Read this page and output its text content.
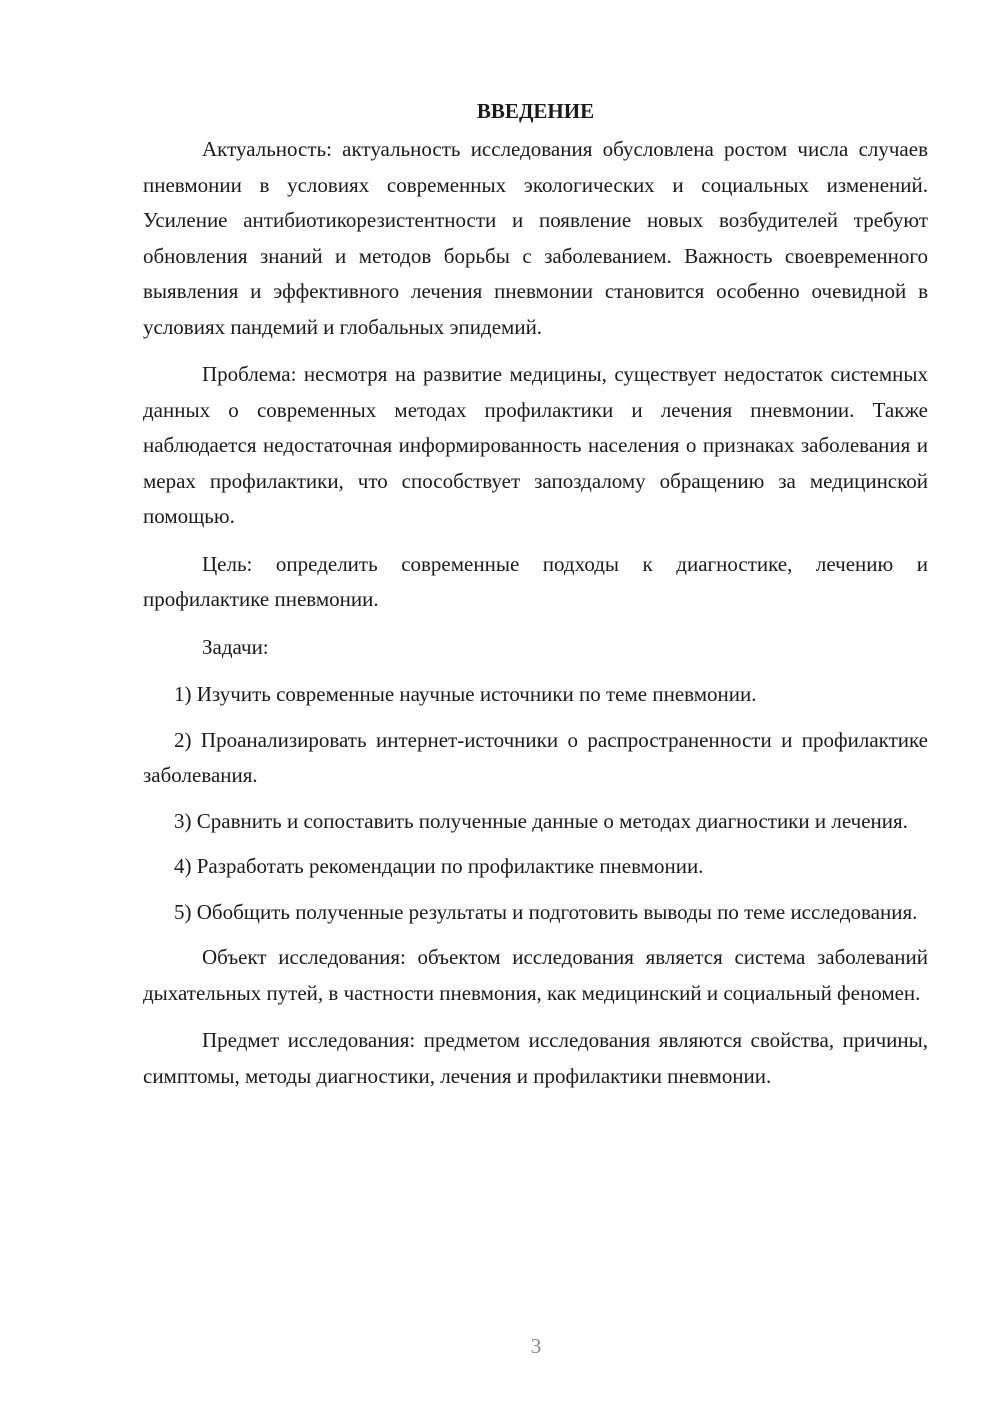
ВВЕДЕНИЕ

Актуальность: актуальность исследования обусловлена ростом числа случаев пневмонии в условиях современных экологических и социальных изменений. Усиление антибиотикорезистентности и появление новых возбудителей требуют обновления знаний и методов борьбы с заболеванием. Важность своевременного выявления и эффективного лечения пневмонии становится особенно очевидной в условиях пандемий и глобальных эпидемий.

Проблема: несмотря на развитие медицины, существует недостаток системных данных о современных методах профилактики и лечения пневмонии. Также наблюдается недостаточная информированность населения о признаках заболевания и мерах профилактики, что способствует запоздалому обращению за медицинской помощью.

Цель: определить современные подходы к диагностике, лечению и профилактике пневмонии.

Задачи:

1) Изучить современные научные источники по теме пневмонии.

2) Проанализировать интернет-источники о распространенности и профилактике заболевания.

3) Сравнить и сопоставить полученные данные о методах диагностики и лечения.

4) Разработать рекомендации по профилактике пневмонии.

5) Обобщить полученные результаты и подготовить выводы по теме исследования.

Объект исследования: объектом исследования является система заболеваний дыхательных путей, в частности пневмония, как медицинский и социальный феномен.

Предмет исследования: предметом исследования являются свойства, причины, симптомы, методы диагностики, лечения и профилактики пневмонии.

3
